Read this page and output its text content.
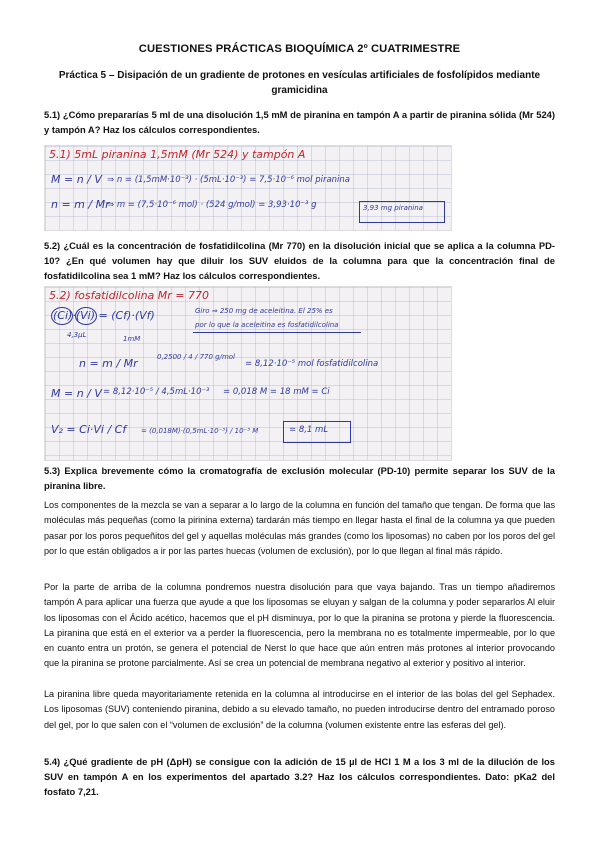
CUESTIONES PRÁCTICAS BIOQUÍMICA 2º CUATRIMESTRE
Práctica 5 – Disipación de un gradiente de protones en vesículas artificiales de fosfolípidos mediante gramicidina
5.1) ¿Cómo prepararías 5 ml de una disolución 1,5 mM de piranina en tampón A a partir de piranina sólida (Mr 524) y tampón A? Haz los cálculos correspondientes.
5.1) 5mL piranina 1,5mM (Mr 524) y tampón A
M = n / V ⇒ n = (1,5mM·10⁻³) · (5mL·10⁻³) = 7,5·10⁻⁶ mol piranina
n = m / Mr
⇒ m = (7,5·10⁻⁶ mol) · (524 g/mol) = 3,93·10⁻³ g	3,93 mg piranina
5.2) ¿Cuál es la concentración de fosfatidilcolina (Mr 770) en la disolución inicial que se aplica a la columna PD-10? ¿En qué volumen hay que diluir los SUV eluidos de la columna para que la concentración final de fosfatidilcolina sea 1 mM? Haz los cálculos correspondientes.
5.2) fosfatidilcolina Mr = 770
(Ci)·(Vi) = (Cf)·(Vf)
4,3μL	1mM
Giro ⇒ 250 mg de aceleitina. El 25% es
por lo que la aceleitina es fosfatidilcolina
n = m / Mr	0,2500 / 4 / 770 g/mol
= 8,12·10⁻⁵ mol fosfatidilcolina
M = n / V = 8,12·10⁻⁵ / 4,5mL·10⁻³ = 0,018 M = 18 mM = Ci
V₂ = Ci·Vi / Cf = (0,018M)·(0,5mL·10⁻³) / 10⁻³ M	= 8,1 mL
5.3) Explica brevemente cómo la cromatografía de exclusión molecular (PD-10) permite separar los SUV de la piranina libre.
Los componentes de la mezcla se van a separar a lo largo de la columna en función del tamaño que tengan. De forma que las moléculas más pequeñas (como la pirinina externa) tardarán más tiempo en llegar hasta el final de la columna ya que pueden pasar por los poros pequeñitos del gel y aquellas moléculas más grandes (como los liposomas) no caben por los poros del gel por lo que están obligados a ir por las partes huecas (volumen de exclusión), por lo que llegan al final más rápido.
Por la parte de arriba de la columna pondremos nuestra disolución para que vaya bajando. Tras un tiempo añadiremos tampón A para aplicar una fuerza que ayude a que los liposomas se eluyan y salgan de la columna y poder separarlos Al eluir los liposomas con el Ácido acético, hacemos que el pH disminuya, por lo que la piranina se protona y pierde la fluorescencia. La piranina que está en el exterior va a perder la fluorescencia, pero la membrana no es totalmente impermeable, por lo que en cuanto entra un protón, se genera el potencial de Nerst lo que hace que aún entren más protones al interior provocando que la piranina se protone parcialmente. Así se crea un potencial de membrana negativo al exterior y positivo al interior.
La piranina libre queda mayoritariamente retenida en la columna al introducirse en el interior de las bolas del gel Sephadex. Los liposomas (SUV) conteniendo piranina, debido a su elevado tamaño, no pueden introducirse dentro del entramado poroso del gel, por lo que salen con el “volumen de exclusión” de la columna (volumen existente entre las esferas del gel).
5.4) ¿Qué gradiente de pH (ΔpH) se consigue con la adición de 15 µl de HCl 1 M a los 3 ml de la dilución de los SUV en tampón A en los experimentos del apartado 3.2? Haz los cálculos correspondientes. Dato: pKa2 del fosfato 7,21.
